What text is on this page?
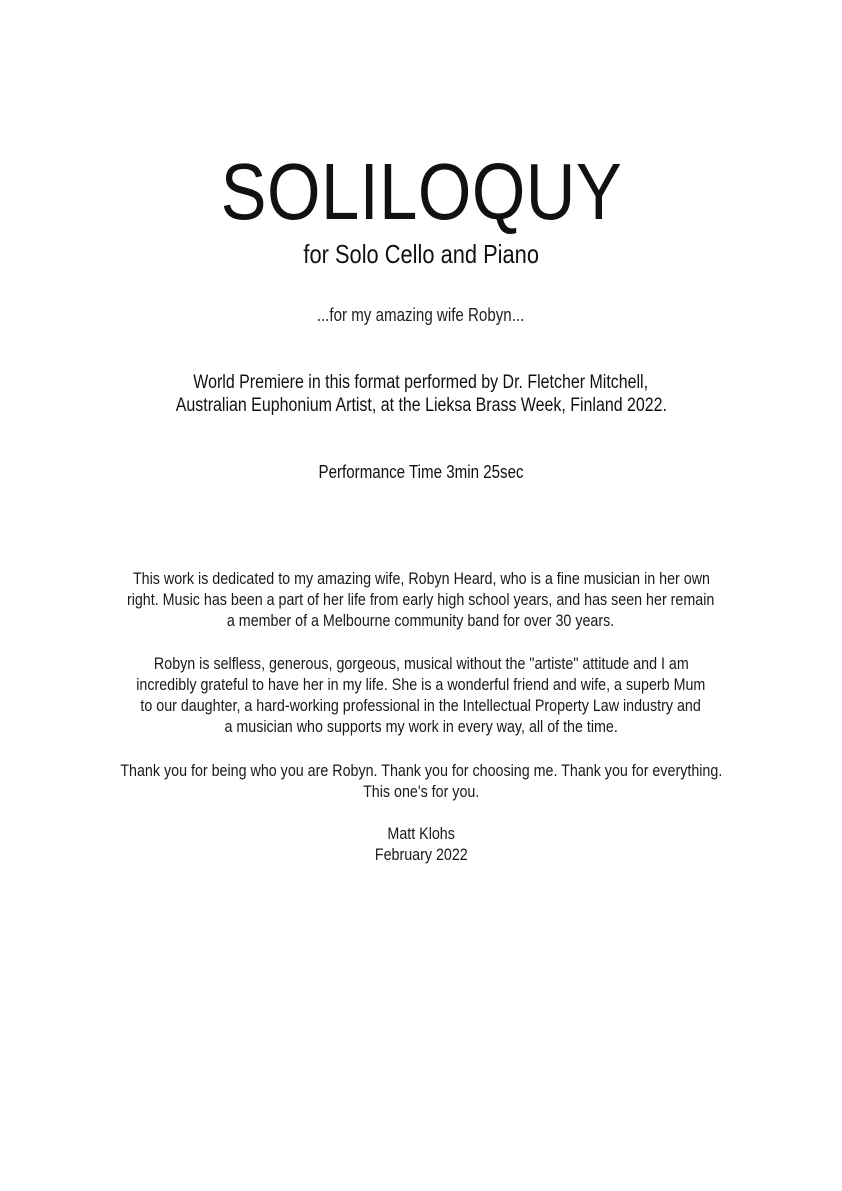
SOLILOQUY
for Solo Cello and Piano
...for my amazing wife Robyn...
World Premiere in this format performed by Dr. Fletcher Mitchell,
Australian Euphonium Artist, at the Lieksa Brass Week, Finland 2022.
Performance Time 3min 25sec
This work is dedicated to my amazing wife, Robyn Heard, who is a fine musician in her own
right. Music has been a part of her life from early high school years, and has seen her remain
a member of a Melbourne community band for over 30 years.
Robyn is selfless, generous, gorgeous, musical without the "artiste" attitude and I am
incredibly grateful to have her in my life. She is a wonderful friend and wife, a superb Mum
to our daughter, a hard-working professional in the Intellectual Property Law industry and
a musician who supports my work in every way, all of the time.
Thank you for being who you are Robyn. Thank you for choosing me. Thank you for everything.
This one's for you.
Matt Klohs
February 2022
